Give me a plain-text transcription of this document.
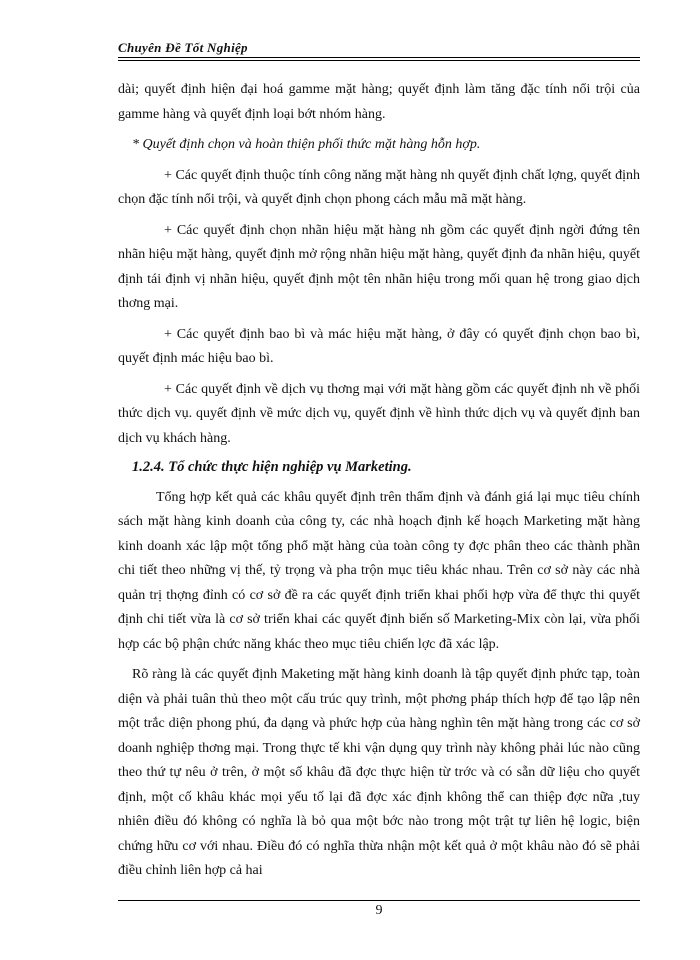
Chuyên Đề Tốt Nghiệp

dài; quyết định hiện đại hoá gamme mặt hàng; quyết định làm tăng đặc tính nổi trội của gamme hàng và quyết định loại bớt nhóm hàng.

* Quyết định chọn và hoàn thiện phối thức mặt hàng hỗn hợp.

+ Các quyết định thuộc tính công năng mặt hàng nh quyết định chất lợng, quyết định chọn đặc tính nổi trội, và quyết định chọn phong cách mẫu mã mặt hàng.

+ Các quyết định chọn nhãn hiệu mặt hàng nh gồm các quyết định ngời đứng tên nhãn hiệu mặt hàng, quyết định mở rộng nhãn hiệu mặt hàng, quyết định đa nhãn hiệu, quyết định tái định vị nhãn hiệu, quyết định một tên nhãn hiệu trong mối quan hệ trong giao dịch thơng mại.

+ Các quyết định bao bì và mác hiệu mặt hàng, ở đây có quyết định chọn bao bì, quyết định mác hiệu bao bì.

+ Các quyết định về dịch vụ thơng mại với mặt hàng gồm các quyết định nh về phối thức dịch vụ. quyết định về mức dịch vụ, quyết định về hình thức dịch vụ và quyết định ban dịch vụ khách hàng.

1.2.4. Tổ chức thực hiện nghiệp vụ Marketing.

Tổng hợp kết quả các khâu quyết định trên thẩm định và đánh giá lại mục tiêu chính sách mặt hàng kinh doanh của công ty, các nhà hoạch định kế hoạch Marketing mặt hàng kinh doanh xác lập một tổng phổ mặt hàng của toàn công ty đợc phân theo các thành phần chi tiết theo những vị thế, tỷ trọng và pha trộn mục tiêu khác nhau. Trên cơ sở này các nhà quản trị thợng đỉnh có cơ sở đề ra các quyết định triển khai phối hợp vừa để thực thi quyết định chi tiết vừa là cơ sở triển khai các quyết định biến số Marketing-Mix còn lại, vừa phối hợp các bộ phận chức năng khác theo mục tiêu chiến lợc đã xác lập.

Rõ ràng là các quyết định Maketing mặt hàng kinh doanh là tập quyết định phức tạp, toàn diện và phải tuân thủ theo một cấu trúc quy trình, một phơng pháp thích hợp để tạo lập nên một trắc diện phong phú, đa dạng và phức hợp của hàng nghìn tên mặt hàng trong các cơ sở doanh nghiệp thơng mại. Trong thực tế khi vận dụng quy trình này không phải lúc nào cũng theo thứ tự nêu ở trên, ở một số khâu đã đợc thực hiện từ trớc và có sẵn dữ liệu cho quyết định, một cố khâu khác mọi yếu tố lại đã đợc xác định không thể can thiệp đợc nữa ,tuy nhiên điều đó không có nghĩa là bỏ qua một bớc nào trong một trật tự liên hệ logic, biện chứng hữu cơ với nhau. Điều đó có nghĩa thừa nhận một kết quả ở một khâu nào đó sẽ phải điều chỉnh liên hợp cả hai

9
